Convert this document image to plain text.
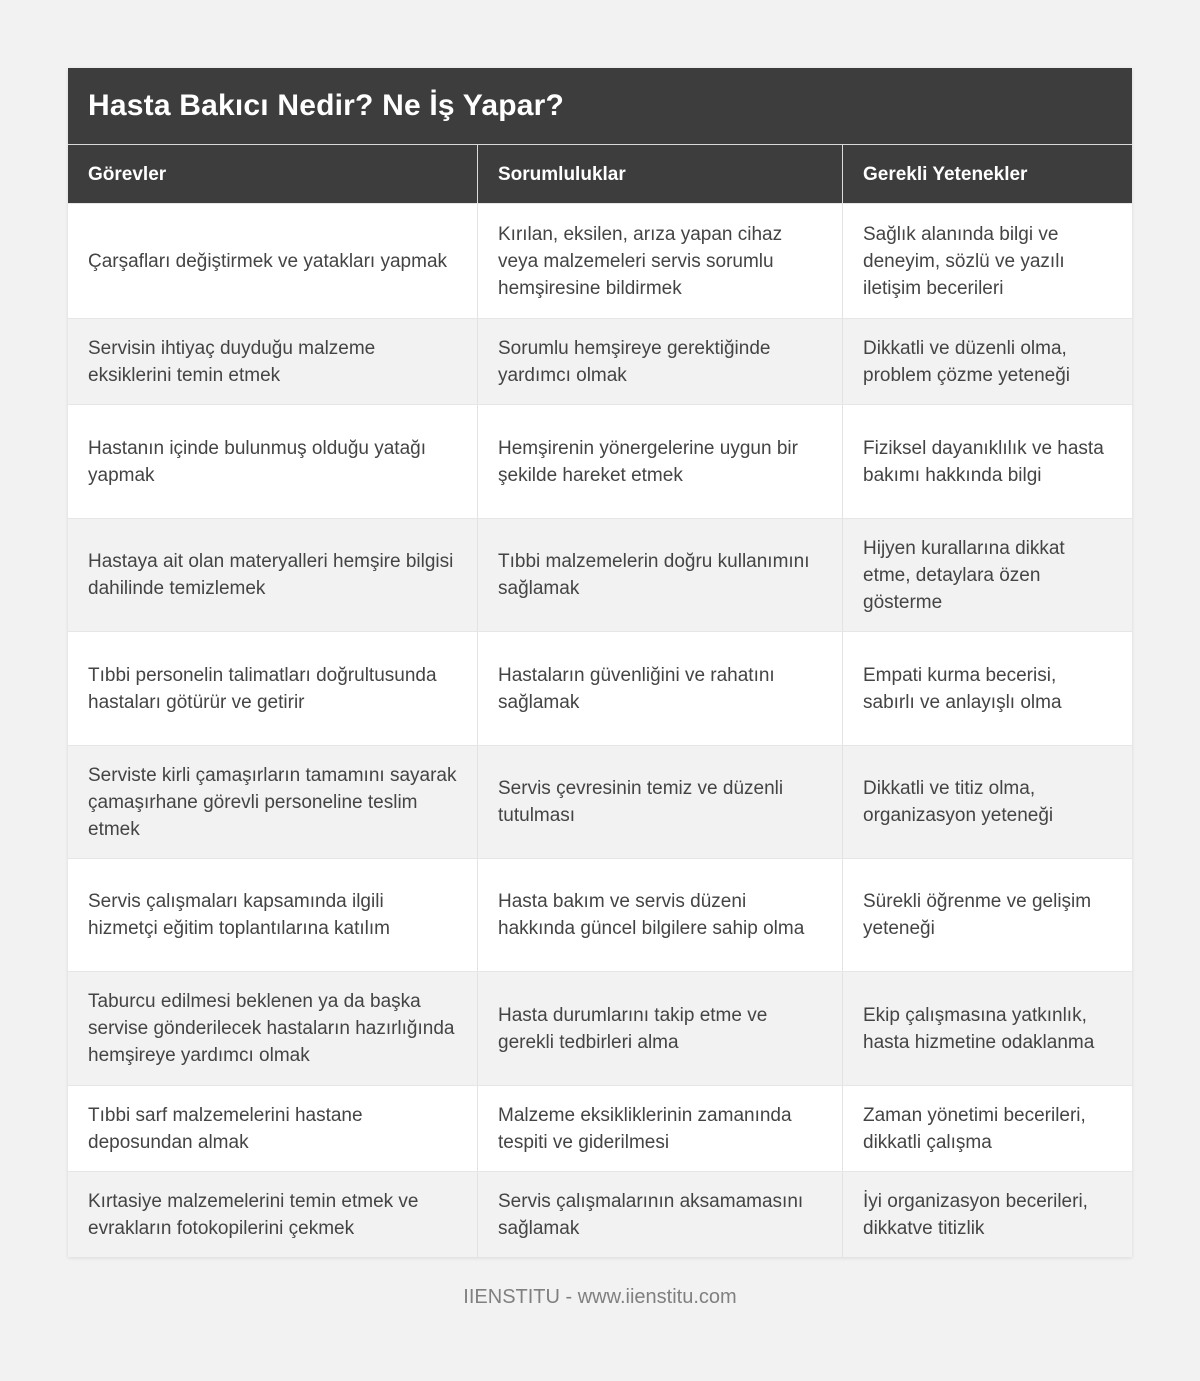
Hasta Bakıcı Nedir? Ne İş Yapar?
Görevler	Sorumluluklar	Gerekli Yetenekler
Çarşafları değiştirmek ve yatakları yapmak
Kırılan, eksilen, arıza yapan cihaz veya malzemeleri servis sorumlu hemşiresine bildirmek
Sağlık alanında bilgi ve deneyim, sözlü ve yazılı iletişim becerileri
Servisin ihtiyaç duyduğu malzeme eksiklerini temin etmek
Sorumlu hemşireye gerektiğinde yardımcı olmak
Dikkatli ve düzenli olma, problem çözme yeteneği
Hastanın içinde bulunmuş olduğu yatağı yapmak
Hemşirenin yönergelerine uygun bir şekilde hareket etmek
Fiziksel dayanıklılık ve hasta bakımı hakkında bilgi
Hastaya ait olan materyalleri hemşire bilgisi dahilinde temizlemek
Tıbbi malzemelerin doğru kullanımını sağlamak
Hijyen kurallarına dikkat etme, detaylara özen gösterme
Tıbbi personelin talimatları doğrultusunda hastaları götürür ve getirir
Hastaların güvenliğini ve rahatını sağlamak
Empati kurma becerisi, sabırlı ve anlayışlı olma
Serviste kirli çamaşırların tamamını sayarak çamaşırhane görevli personeline teslim etmek
Servis çevresinin temiz ve düzenli tutulması
Dikkatli ve titiz olma, organizasyon yeteneği
Servis çalışmaları kapsamında ilgili hizmetçi eğitim toplantılarına katılım
Hasta bakım ve servis düzeni hakkında güncel bilgilere sahip olma
Sürekli öğrenme ve gelişim yeteneği
Taburcu edilmesi beklenen ya da başka servise gönderilecek hastaların hazırlığında hemşireye yardımcı olmak
Hasta durumlarını takip etme ve gerekli tedbirleri alma
Ekip çalışmasına yatkınlık, hasta hizmetine odaklanma
Tıbbi sarf malzemelerini hastane deposundan almak
Malzeme eksikliklerinin zamanında tespiti ve giderilmesi
Zaman yönetimi becerileri, dikkatli çalışma
Kırtasiye malzemelerini temin etmek ve evrakların fotokopilerini çekmek
Servis çalışmalarının aksamamasını sağlamak
İyi organizasyon becerileri, dikkatve titizlik
IIENSTITU - www.iienstitu.com
